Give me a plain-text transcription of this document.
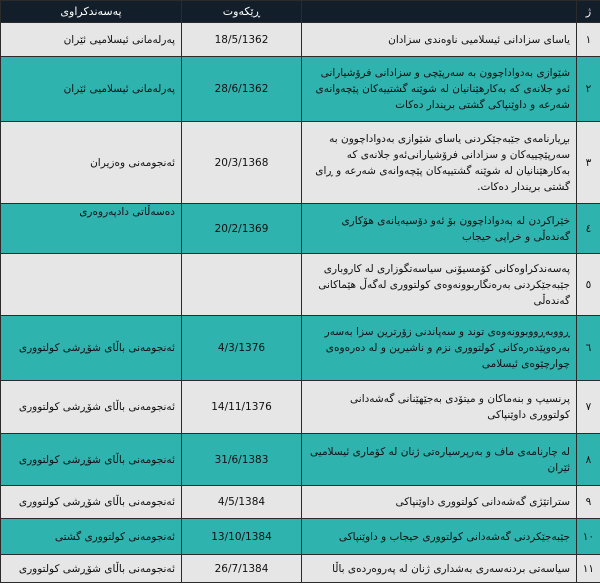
ژ		ڕێکەوت	پەسەندکراوی
١	یاسای سزادانی ئیسلامیی ناوەندی سزادان	18/5/1362	پەرلەمانی ئیسلامیی ئێران
٢	شێوازی بەدواداچوون بە سەرپێچی و سزادانی فرۆشیارانی ئەو جلانەی کە بەکارهێنانیان لە شوێنە گشتییەکان پێچەوانەی شەرعە و داوێنپاکی گشتی بریندار دەکات	28/6/1362	پەرلەمانی ئیسلامیی ئێران
٣	بڕیارنامەی جێبەجێکردنی یاسای شێوازی بەدواداچوون بە سەرپێچییەکان و سزادانی فرۆشیارانی‌ئەو جلانەی کە بەکارهێنانیان لە شوێنە گشتییەکان پێچەوانەی شەرعە و ڕای گشتی بریندار دەکات.	20/3/1368	ئەنجومەنی وەزیران
٤	خێراکردن لە بەدواداچوون بۆ ئەو دۆسیەیانەی هۆکاری گەندەڵی و خراپی حیجاب	20/2/1369	دەسەڵاتی دادپەروەری
٥	پەسەندکراوەکانی کۆمسیۆنی سیاسەتگوزاری لە کاروباری جێبەجێکردنی بەرەنگاربوونەوەی کولتووری لەگەڵ هێماکانی گەندەڵی		
٦	ڕووبەڕووبوونەوەی توند و سەپاندنی زۆرترین سزا بەسەر بەرەوپێدەرەکانی کولتووری نزم و ناشیرین و لە دەرەوەی چوارچێوەی ئیسلامی	4/3/1376	ئەنجومەنی باڵای شۆڕشی کولتووری
٧	پرنسیپ و بنەماکان و میتۆدی بەجێهێنانی گەشەدانی کولتووری داوێنپاکی	14/11/1376	ئەنجومەنی باڵای شۆڕشی کولتووری
٨	لە چارنامەی ماف و بەرپرسیارەتی ژنان لە کۆماری ئیسلامیی ئێران	31/6/1383	ئەنجومەنی باڵای شۆڕشی کولتووری
٩	ستراتێژی گەشەدانی کولتووری داوێنپاکی	4/5/1384	ئەنجومەنی باڵای شۆڕشی کولتووری
١٠	جێبەجێکردنی گەشەدانی کولتووری حیجاب و داوێنپاکی	13/10/1384	ئەنجومەنی کولتووری گشتی
١١	سیاسەتی بردنەسەری بەشداری ژنان لە پەروەردەی باڵا	26/7/1384	ئەنجومەنی باڵای شۆڕشی کولتووری
